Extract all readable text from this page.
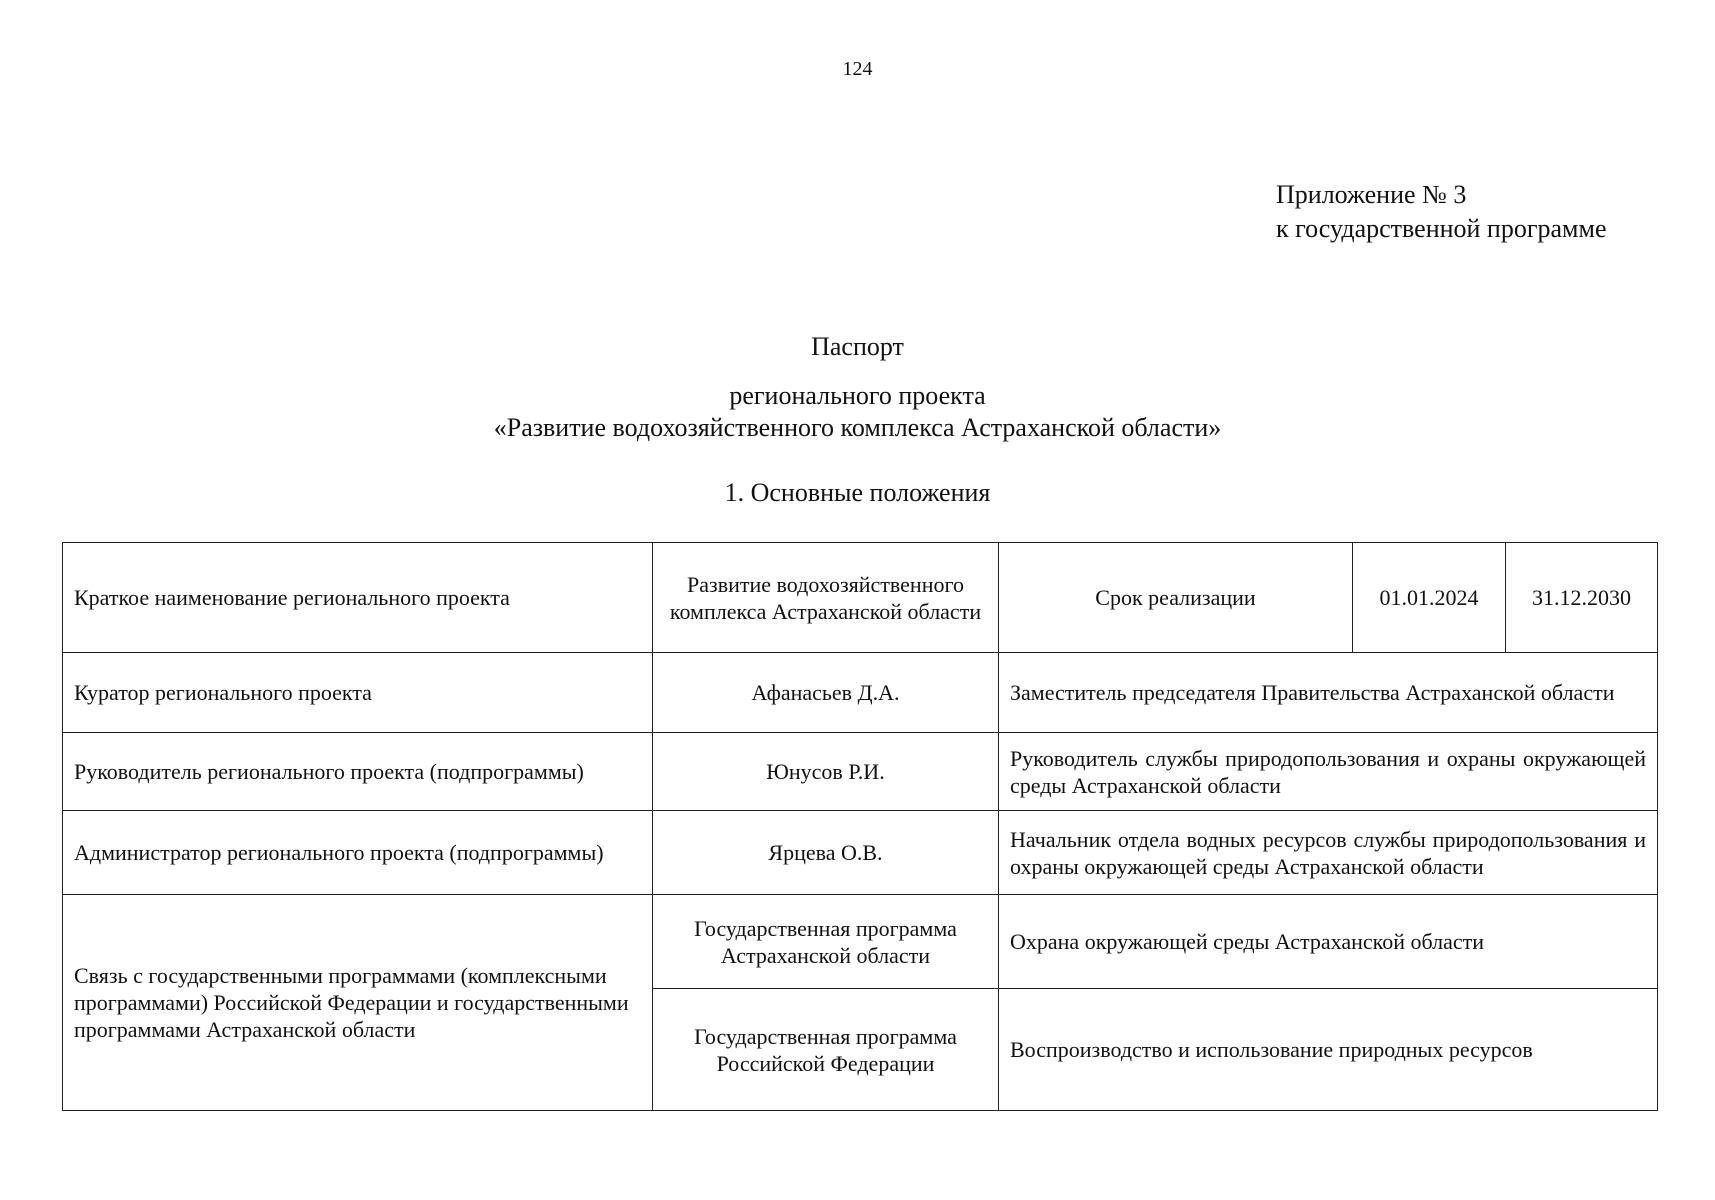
124
Приложение № 3
к государственной программе
Паспорт
регионального проекта
«Развитие водохозяйственного комплекса Астраханской области»
1. Основные положения
Краткое наименование регионального проекта	Развитие водохозяйственного комплекса Астраханской области	Срок реализации	01.01.2024	31.12.2030
Куратор регионального проекта	Афанасьев Д.А.	Заместитель председателя Правительства Астраханской области		
Руководитель регионального проекта (подпрограммы)	Юнусов Р.И.	Руководитель службы природопользования и охраны окружающей среды Астраханской области		
Администратор регионального проекта (подпрограммы)	Ярцева О.В.	Начальник отдела водных ресурсов службы природопользования и охраны окружающей среды Астраханской области		
Связь с государственными программами (комплексными программами) Российской Федерации и государственными программами Астраханской области	Государственная программа Астраханской области	Охрана окружающей среды Астраханской области		
	Государственная программа Российской Федерации	Воспроизводство и использование природных ресурсов		
